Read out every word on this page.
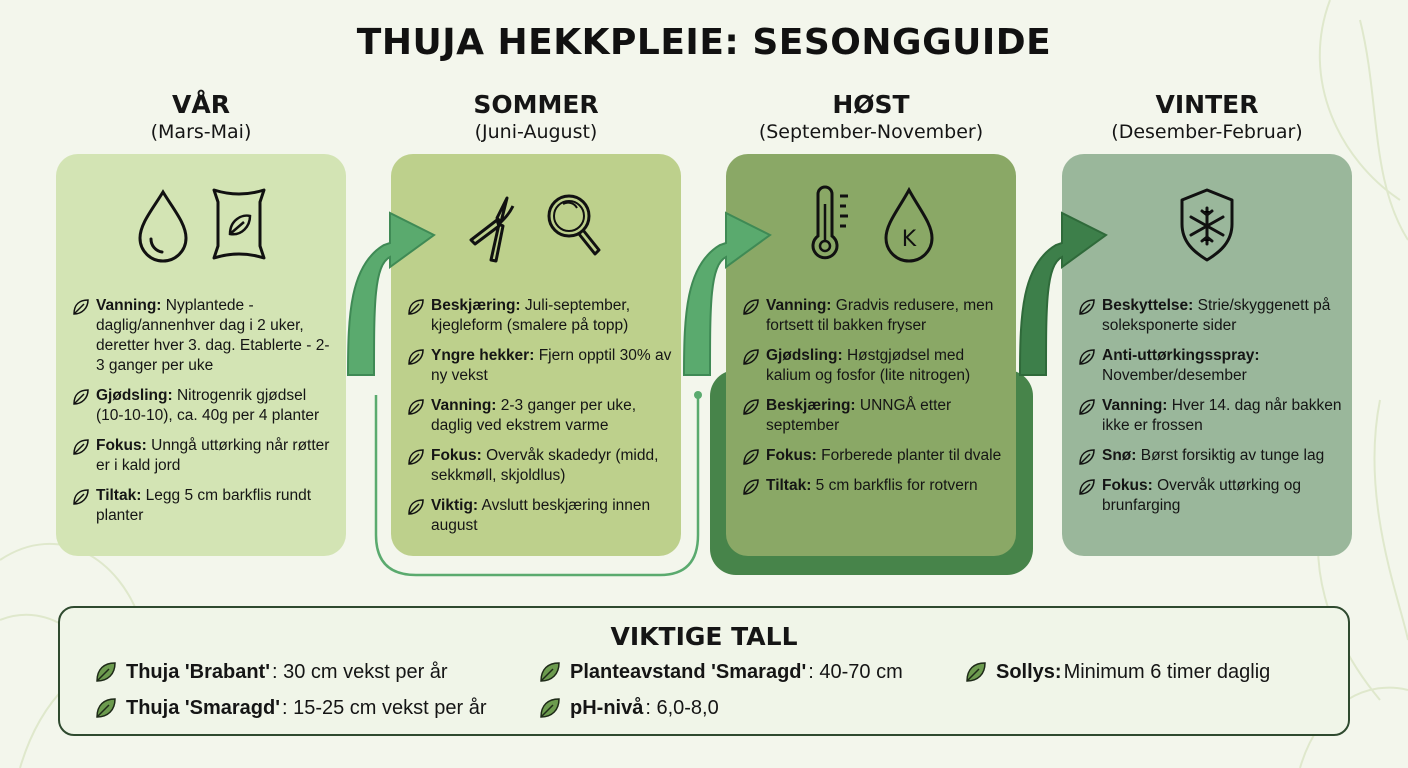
THUJA HEKKPLEIE: SESONGGUIDE
VÅR
(Mars-Mai)
SOMMER
(Juni-August)
HØST
(September-November)
VINTER
(Desember-Februar)
Vanning: Nyplantede - daglig/annenhver dag i 2 uker, deretter hver 3. dag. Etablerte - 2-3 ganger per uke
Gjødsling: Nitrogenrik gjødsel (10-10-10), ca. 40g per 4 planter
Fokus: Unngå uttørking når røtter er i kald jord
Tiltak: Legg 5 cm barkflis rundt planter
Beskjæring: Juli-september, kjegleform (smalere på topp)
Yngre hekker: Fjern opptil 30% av ny vekst
Vanning: 2-3 ganger per uke, daglig ved ekstrem varme
Fokus: Overvåk skadedyr (midd, sekkmøll, skjoldlus)
Viktig: Avslutt beskjæring innen august
K
Vanning: Gradvis redusere, men fortsett til bakken fryser
Gjødsling: Høstgjødsel med kalium og fosfor (lite nitrogen)
Beskjæring: UNNGÅ etter september
Fokus: Forberede planter til dvale
Tiltak: 5 cm barkflis for rotvern
Beskyttelse: Strie/skyggenett på soleksponerte sider
Anti-uttørkingsspray: November/desember
Vanning: Hver 14. dag når bakken ikke er frossen
Snø: Børst forsiktig av tunge lag
Fokus: Overvåk uttørking og brunfarging
VIKTIGE TALL
Thuja 'Brabant' : 30 cm vekst per år
Thuja 'Smaragd' : 15-25 cm vekst per år
Planteavstand 'Smaragd' : 40-70 cm
pH-nivå : 6,0-8,0
Sollys: Minimum 6 timer daglig
